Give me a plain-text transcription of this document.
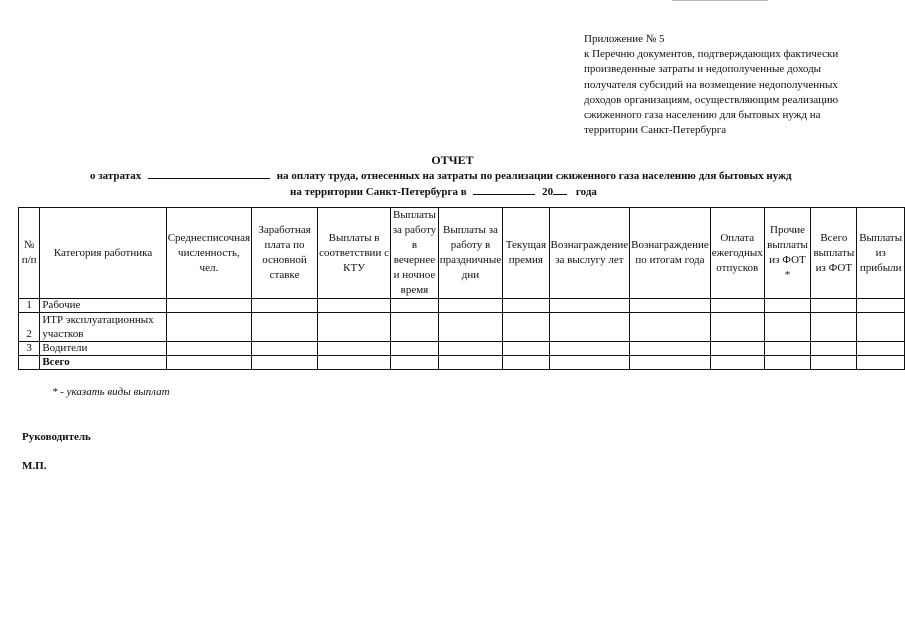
Приложение № 5
к Перечню документов, подтверждающих фактически
произведенные затраты и недополученные доходы
получателя субсидий на возмещение недополученных
доходов организациям, осуществляющим реализацию
сжиженного газа населению для бытовых нужд на
территории Санкт-Петербурга
ОТЧЕТ
о затратах	на оплату труда, отнесенных на затраты по реализации сжиженного газа населению для бытовых нужд
на территории Санкт-Петербурга в	20 года
№ п/п	Категория работника	Среднесписочная численность, чел.	Заработная плата по основной ставке	Выплаты в соответствии с КТУ	Выплаты за работу в вечернее и ночное время	Выплаты за работу в праздничные дни	Текущая премия	Вознаграждение за выслугу лет	Вознаграждение по итогам года	Оплата ежегодных отпусков	Прочие выплаты из ФОТ *	Всего выплаты из ФОТ	Выплаты из прибыли
1	Рабочие												
2	ИТР эксплуатационных участков												
3	Водители												
	Всего												
* - указать виды выплат
Руководитель
М.П.
